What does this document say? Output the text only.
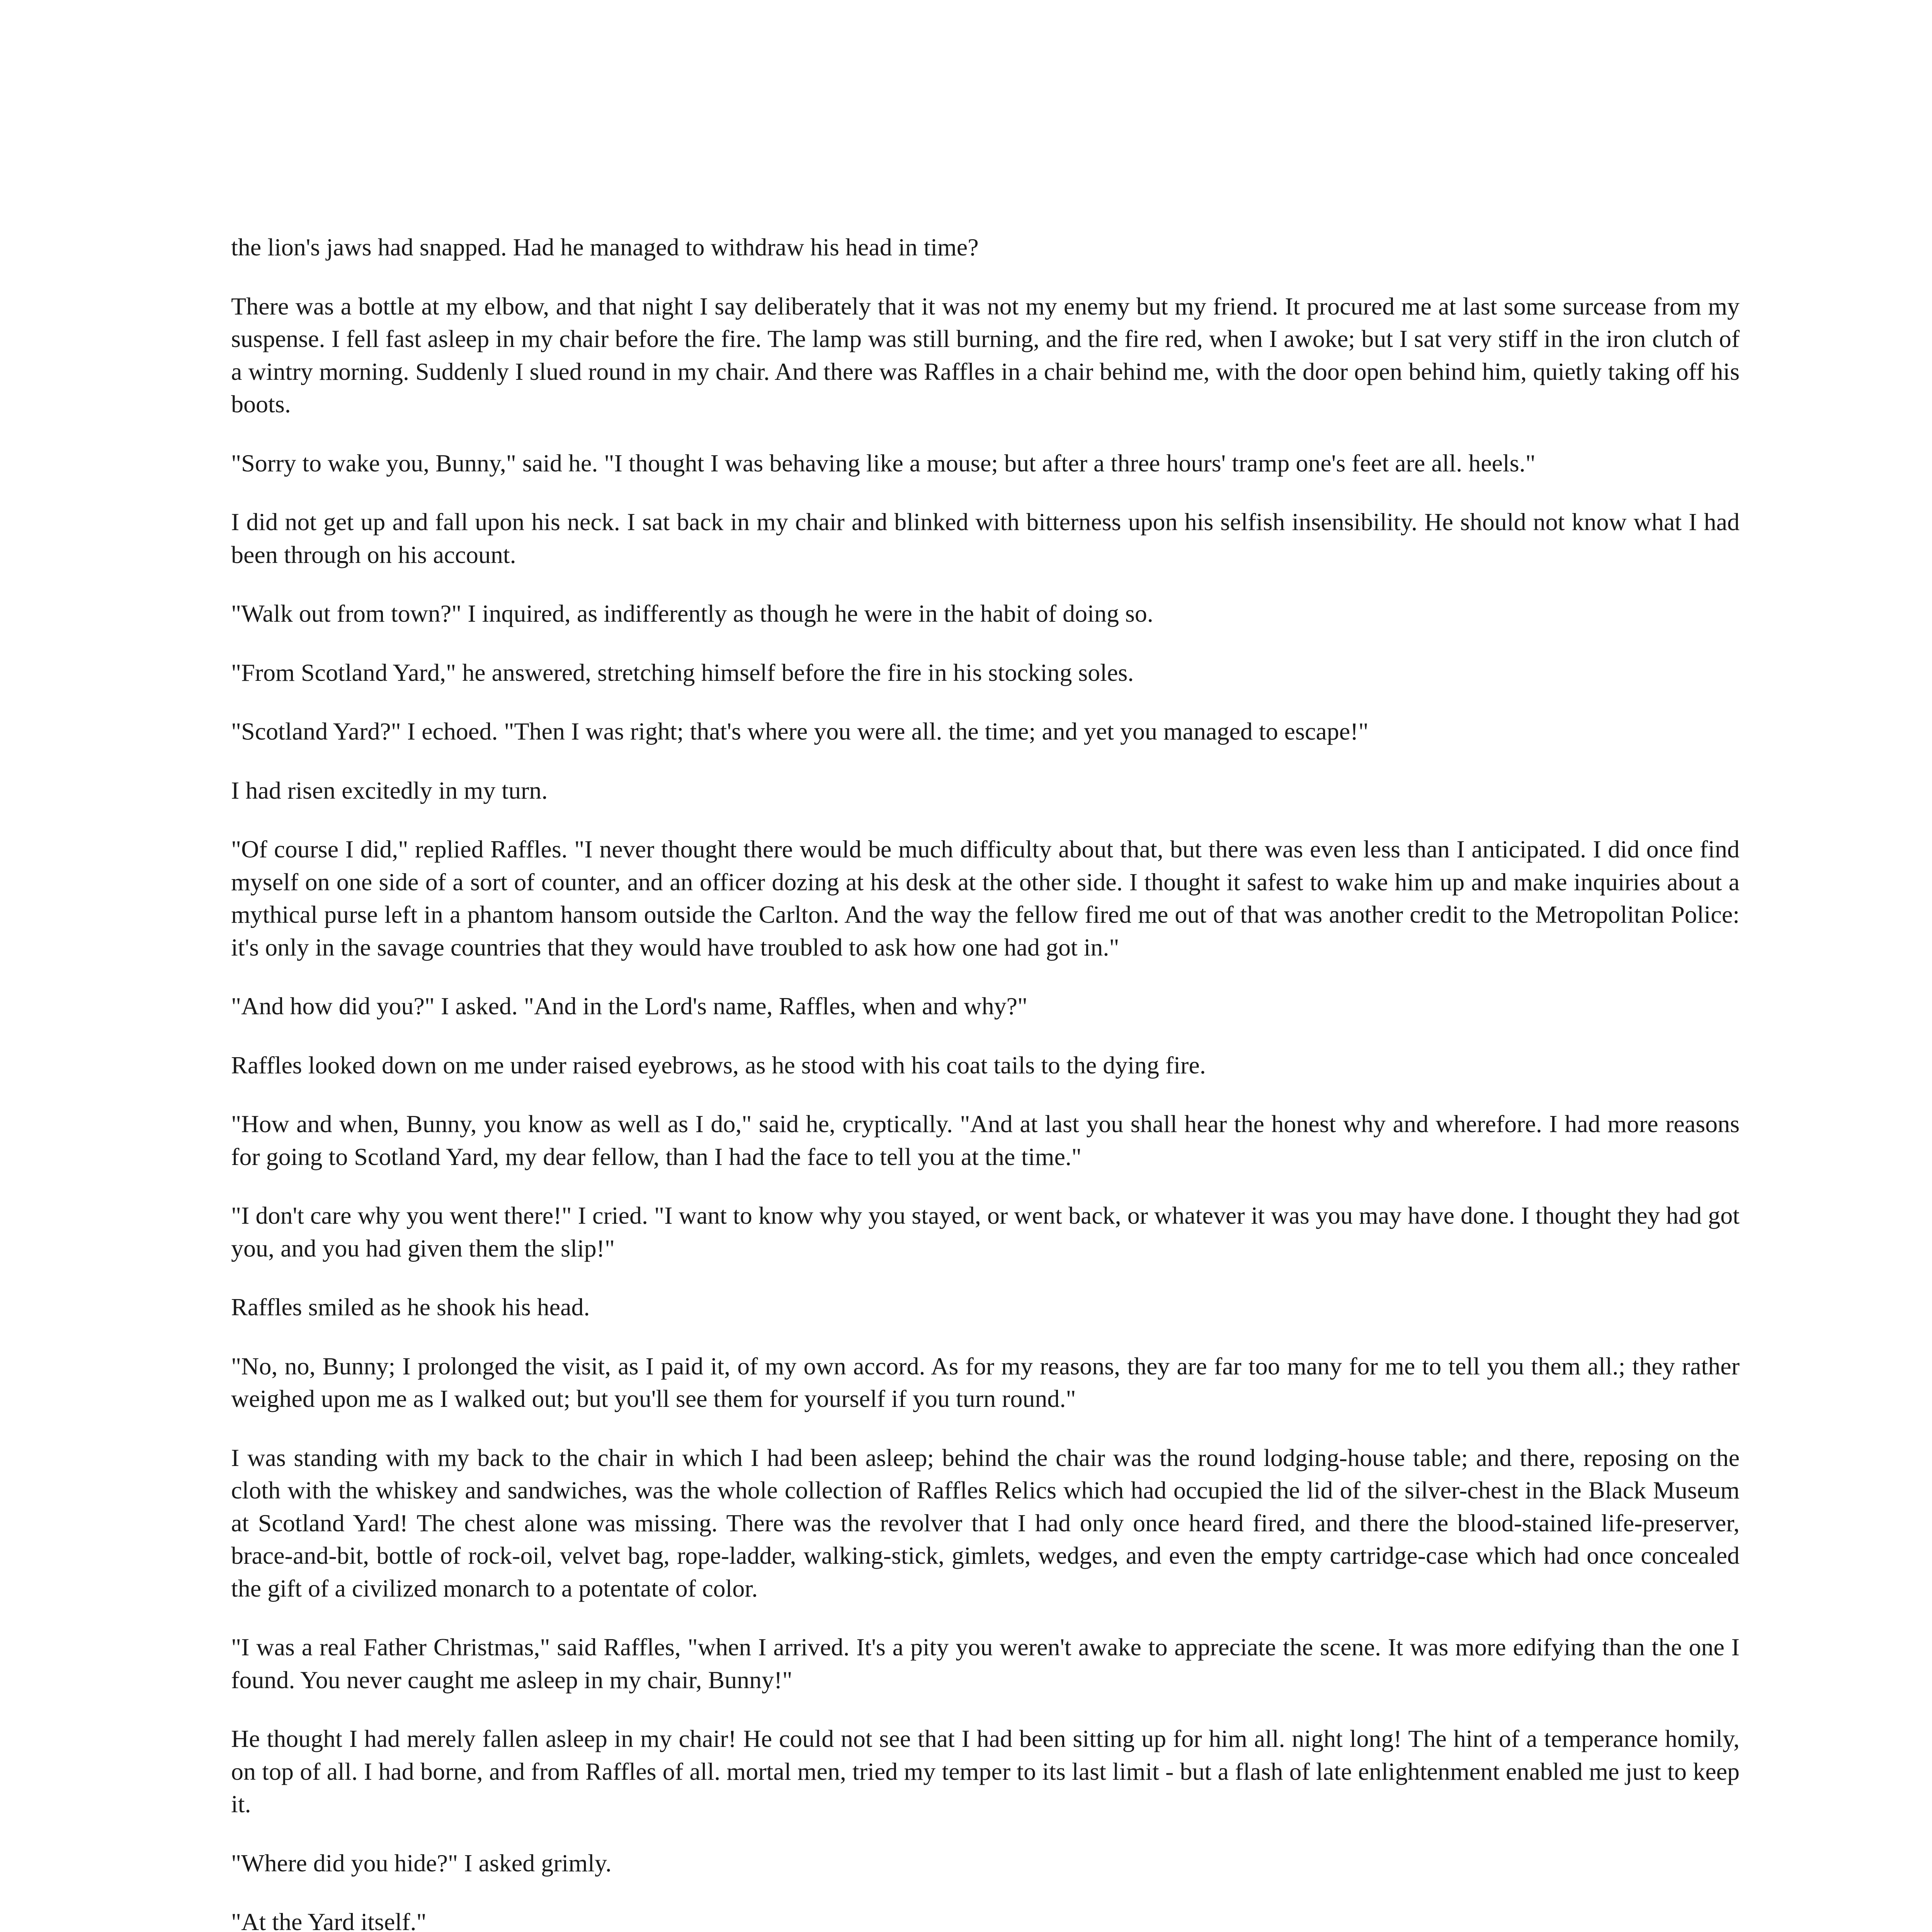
the lion's jaws had snapped. Had he managed to withdraw his head in time?

There was a bottle at my elbow, and that night I say deliberately that it was not my enemy but my friend. It procured me at last some surcease from my suspense. I fell fast asleep in my chair before the fire. The lamp was still burning, and the fire red, when I awoke; but I sat very stiff in the iron clutch of a wintry morning. Suddenly I slued round in my chair. And there was Raffles in a chair behind me, with the door open behind him, quietly taking off his boots.

"Sorry to wake you, Bunny," said he. "I thought I was behaving like a mouse; but after a three hours' tramp one's feet are all. heels."

I did not get up and fall upon his neck. I sat back in my chair and blinked with bitterness upon his selfish insensibility. He should not know what I had been through on his account.

"Walk out from town?" I inquired, as indifferently as though he were in the habit of doing so.

"From Scotland Yard," he answered, stretching himself before the fire in his stocking soles.

"Scotland Yard?" I echoed. "Then I was right; that's where you were all. the time; and yet you managed to escape!"

I had risen excitedly in my turn.

"Of course I did," replied Raffles. "I never thought there would be much difficulty about that, but there was even less than I anticipated. I did once find myself on one side of a sort of counter, and an officer dozing at his desk at the other side. I thought it safest to wake him up and make inquiries about a mythical purse left in a phantom hansom outside the Carlton. And the way the fellow fired me out of that was another credit to the Metropolitan Police: it's only in the savage countries that they would have troubled to ask how one had got in."

"And how did you?" I asked. "And in the Lord's name, Raffles, when and why?"

Raffles looked down on me under raised eyebrows, as he stood with his coat tails to the dying fire.

"How and when, Bunny, you know as well as I do," said he, cryptically. "And at last you shall hear the honest why and wherefore. I had more reasons for going to Scotland Yard, my dear fellow, than I had the face to tell you at the time."

"I don't care why you went there!" I cried. "I want to know why you stayed, or went back, or whatever it was you may have done. I thought they had got you, and you had given them the slip!"

Raffles smiled as he shook his head.

"No, no, Bunny; I prolonged the visit, as I paid it, of my own accord. As for my reasons, they are far too many for me to tell you them all.; they rather weighed upon me as I walked out; but you'll see them for yourself if you turn round."

I was standing with my back to the chair in which I had been asleep; behind the chair was the round lodging-house table; and there, reposing on the cloth with the whiskey and sandwiches, was the whole collection of Raffles Relics which had occupied the lid of the silver-chest in the Black Museum at Scotland Yard! The chest alone was missing. There was the revolver that I had only once heard fired, and there the blood-stained life-preserver, brace-and-bit, bottle of rock-oil, velvet bag, rope-ladder, walking-stick, gimlets, wedges, and even the empty cartridge-case which had once concealed the gift of a civilized monarch to a potentate of color.

"I was a real Father Christmas," said Raffles, "when I arrived. It's a pity you weren't awake to appreciate the scene. It was more edifying than the one I found. You never caught me asleep in my chair, Bunny!"

He thought I had merely fallen asleep in my chair! He could not see that I had been sitting up for him all. night long! The hint of a temperance homily, on top of all. I had borne, and from Raffles of all. mortal men, tried my temper to its last limit - but a flash of late enlightenment enabled me just to keep it.

"Where did you hide?" I asked grimly.

"At the Yard itself."
